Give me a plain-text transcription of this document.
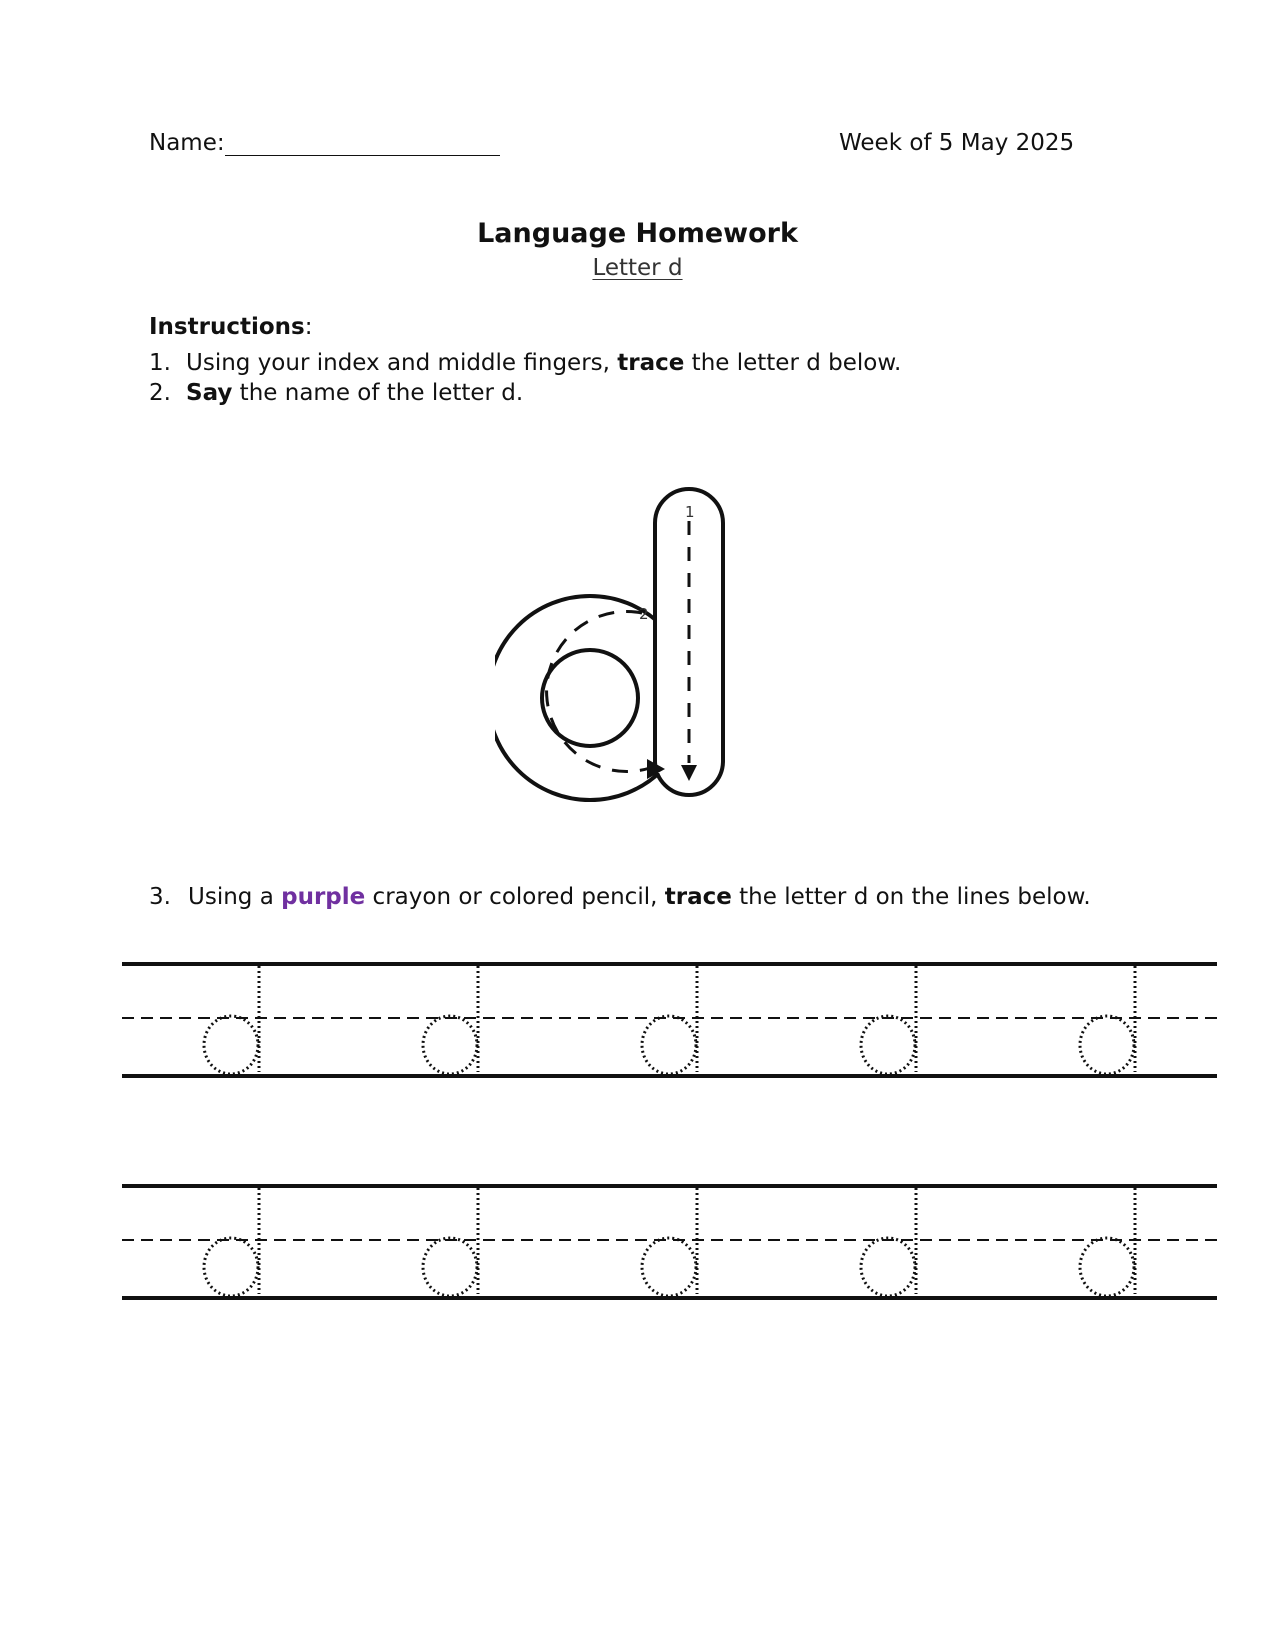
Name:	Week of 5 May 2025
Language Homework
Letter d
Instructions:
1. Using your index and middle fingers, trace the letter d below.
2. Say the name of the letter d.
1
2
3. Using a purple crayon or colored pencil, trace the letter d on the lines below.
